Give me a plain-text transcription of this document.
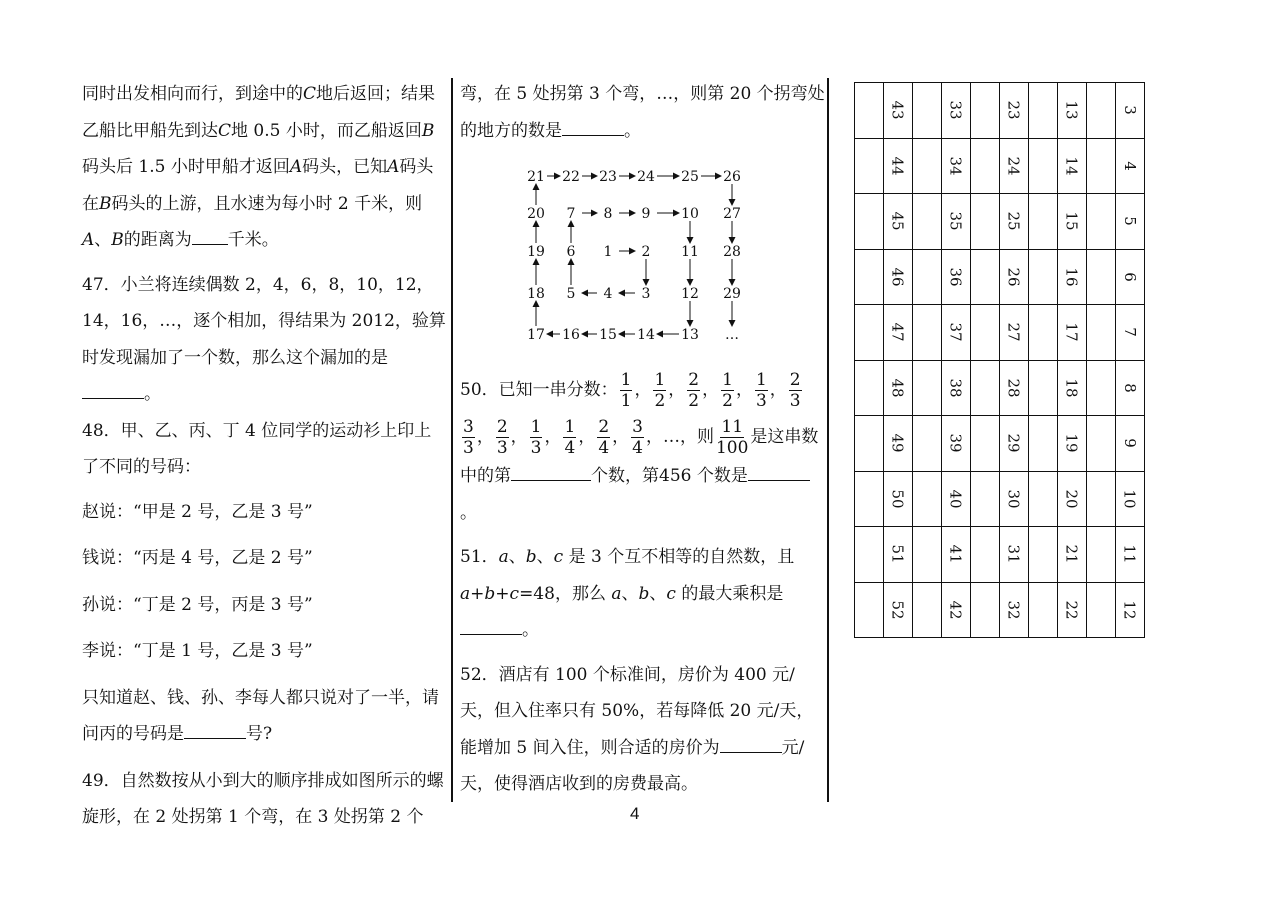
同时出发相向而行，到途中的C地后返回；结果乙船比甲船先到达C地 0.5 小时，而乙船返回B码头后 1.5 小时甲船才返回A码头，已知A码头在B码头的上游，且水速为每小时 2 千米，则A、B的距离为 千米。

47．小兰将连续偶数 2，4，6，8，10，12，14，16，…，逐个相加，得结果为 2012，验算时发现漏加了一个数，那么这个漏加的是。

48．甲、乙、丙、丁 4 位同学的运动衫上印上了不同的号码：

赵说：“甲是 2 号，乙是 3 号”

钱说：“丙是 4 号，乙是 2 号”

孙说：“丁是 2 号，丙是 3 号”

李说：“丁是 1 号，乙是 3 号”

只知道赵、钱、孙、李每人都只说对了一半，请问丙的号码是	号?

49．自然数按从小到大的顺序排成如图所示的螺旋形，在 2 处拐第 1 个弯，在 3 处拐第 2 个

弯，在 5 处拐第 3 个弯，…，则第 20 个拐弯处的地方的数是	。

21 22 23 24 25 26
20 7 8 9 10 27
19 6 1 2 11 28
18 5 4 3 12 29
17 16 15 14 13 …

50．已知一串分数： $\frac{1}{1}$ ， $\frac{1}{2}$ ， $\frac{2}{2}$ ， $\frac{1}{2}$ ， $\frac{1}{3}$ ， $\frac{2}{3}$

$\frac{3}{3}$ ， $\frac{2}{3}$ ， $\frac{1}{3}$ ， $\frac{1}{4}$ ， $\frac{2}{4}$ ， $\frac{3}{4}$ ，…，则 $\frac{11}{100}$ 是这串数中的第	个数，第456 个数是。

51．a、b、c 是 3 个互不相等的自然数，且a+b+c=48，那么 a、b、c 的最大乘积是。

52．酒店有 100 个标准间，房价为 400 元/天，但入住率只有 50%，若每降低 20 元/天，能增加 5 间入住，则合适的房价为	元/天，使得酒店收到的房费最高。

	43		33		23		13		3
	44		34		24		14		4
	45		35		25		15		5
	46		36		26		16		6
	47		37		27		17		7
	48		38		28		18		8
	49		39		29		19		9
	50		40		30		20		10
	51		41		31		21		11
	52		42		32		22		12
4
